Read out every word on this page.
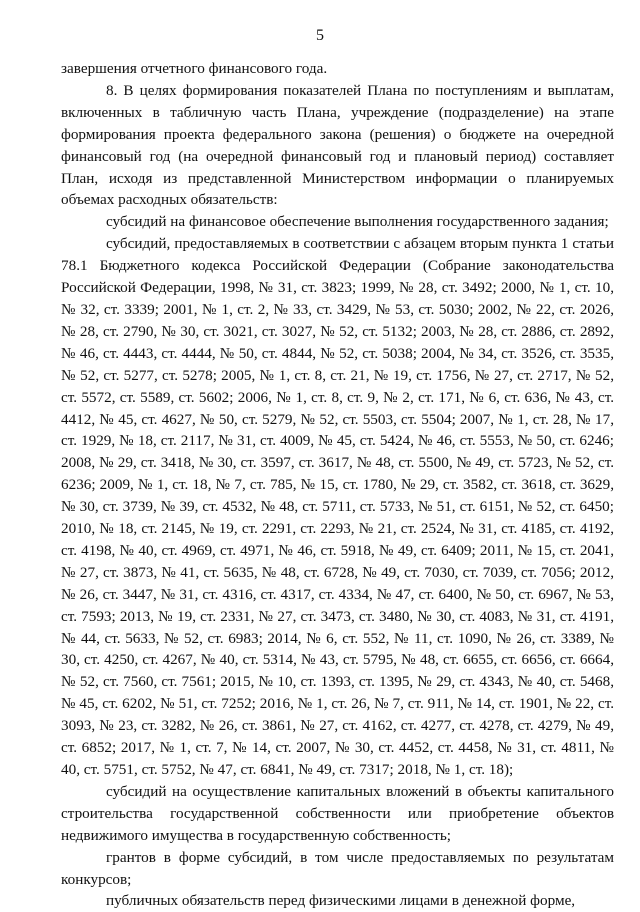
5

завершения отчетного финансового года.

8. В целях формирования показателей Плана по поступлениям и выплатам, включенных в табличную часть Плана, учреждение (подразделение) на этапе формирования проекта федерального закона (решения) о бюджете на очередной финансовый год (на очередной финансовый год и плановый период) составляет План, исходя из представленной Министерством информации о планируемых объемах расходных обязательств:

субсидий на финансовое обеспечение выполнения государственного задания;

субсидий, предоставляемых в соответствии с абзацем вторым пункта 1 статьи 78.1 Бюджетного кодекса Российской Федерации (Собрание законодательства Российской Федерации, 1998, № 31, ст. 3823; 1999, № 28, ст. 3492; 2000, № 1, ст. 10, № 32, ст. 3339; 2001, № 1, ст. 2, № 33, ст. 3429, № 53, ст. 5030; 2002, № 22, ст. 2026, № 28, ст. 2790, № 30, ст. 3021, ст. 3027, № 52, ст. 5132; 2003, № 28, ст. 2886, ст. 2892, № 46, ст. 4443, ст. 4444, № 50, ст. 4844, № 52, ст. 5038; 2004, № 34, ст. 3526, ст. 3535, № 52, ст. 5277, ст. 5278; 2005, № 1, ст. 8, ст. 21, № 19, ст. 1756, № 27, ст. 2717, № 52, ст. 5572, ст. 5589, ст. 5602; 2006, № 1, ст. 8, ст. 9, № 2, ст. 171, № 6, ст. 636, № 43, ст. 4412, № 45, ст. 4627, № 50, ст. 5279, № 52, ст. 5503, ст. 5504; 2007, № 1, ст. 28, № 17, ст. 1929, № 18, ст. 2117, № 31, ст. 4009, № 45, ст. 5424, № 46, ст. 5553, № 50, ст. 6246; 2008, № 29, ст. 3418, № 30, ст. 3597, ст. 3617, № 48, ст. 5500, № 49, ст. 5723, № 52, ст. 6236; 2009, № 1, ст. 18, № 7, ст. 785, № 15, ст. 1780, № 29, ст. 3582, ст. 3618, ст. 3629, № 30, ст. 3739, № 39, ст. 4532, № 48, ст. 5711, ст. 5733, № 51, ст. 6151, № 52, ст. 6450; 2010, № 18, ст. 2145, № 19, ст. 2291, ст. 2293, № 21, ст. 2524, № 31, ст. 4185, ст. 4192, ст. 4198, № 40, ст. 4969, ст. 4971, № 46, ст. 5918, № 49, ст. 6409; 2011, № 15, ст. 2041, № 27, ст. 3873, № 41, ст. 5635, № 48, ст. 6728, № 49, ст. 7030, ст. 7039, ст. 7056; 2012, № 26, ст. 3447, № 31, ст. 4316, ст. 4317, ст. 4334, № 47, ст. 6400, № 50, ст. 6967, № 53, ст. 7593; 2013, № 19, ст. 2331, № 27, ст. 3473, ст. 3480, № 30, ст. 4083, № 31, ст. 4191, № 44, ст. 5633, № 52, ст. 6983; 2014, № 6, ст. 552, № 11, ст. 1090, № 26, ст. 3389, № 30, ст. 4250, ст. 4267, № 40, ст. 5314, № 43, ст. 5795, № 48, ст. 6655, ст. 6656, ст. 6664, № 52, ст. 7560, ст. 7561; 2015, № 10, ст. 1393, ст. 1395, № 29, ст. 4343, № 40, ст. 5468, № 45, ст. 6202, № 51, ст. 7252; 2016, № 1, ст. 26, № 7, ст. 911, № 14, ст. 1901, № 22, ст. 3093, № 23, ст. 3282, № 26, ст. 3861, № 27, ст. 4162, ст. 4277, ст. 4278, ст. 4279, № 49, ст. 6852; 2017, № 1, ст. 7, № 14, ст. 2007, № 30, ст. 4452, ст. 4458, № 31, ст. 4811, № 40, ст. 5751, ст. 5752, № 47, ст. 6841, № 49, ст. 7317; 2018, № 1, ст. 18);

субсидий на осуществление капитальных вложений в объекты капитального строительства государственной собственности или приобретение объектов недвижимого имущества в государственную собственность;

грантов в форме субсидий, в том числе предоставляемых по результатам конкурсов;

публичных обязательств перед физическими лицами в денежной форме,
